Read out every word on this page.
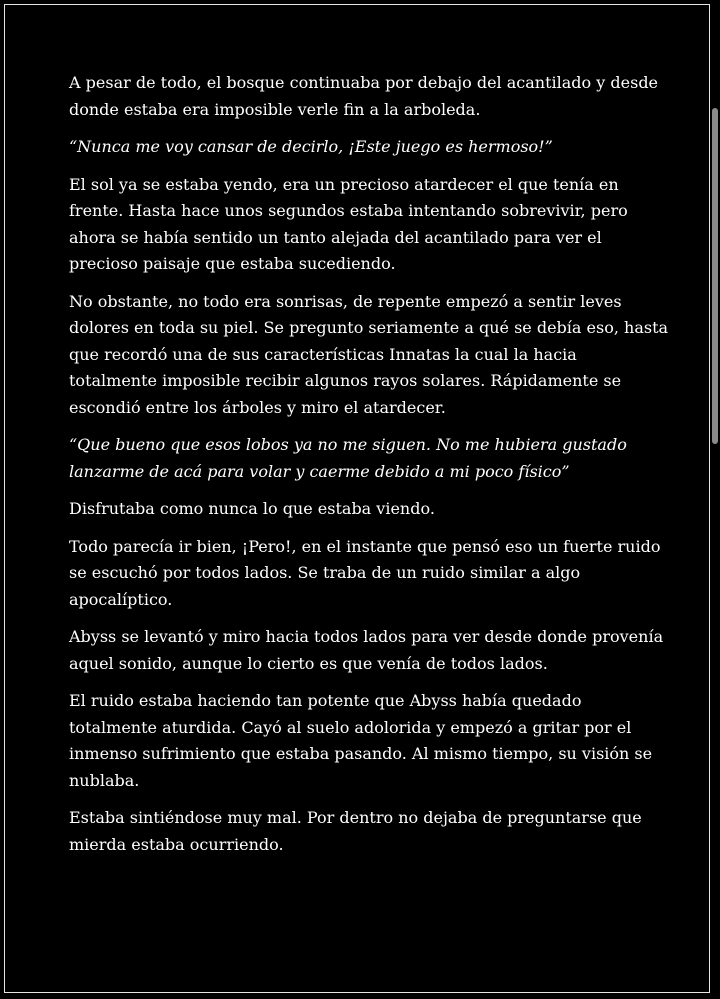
A pesar de todo, el bosque continuaba por debajo del acantilado y desde donde estaba era imposible verle fin a la arboleda.

“Nunca me voy cansar de decirlo, ¡Este juego es hermoso!”

El sol ya se estaba yendo, era un precioso atardecer el que tenía en frente. Hasta hace unos segundos estaba intentando sobrevivir, pero ahora se había sentido un tanto alejada del acantilado para ver el precioso paisaje que estaba sucediendo.

No obstante, no todo era sonrisas, de repente empezó a sentir leves dolores en toda su piel. Se pregunto seriamente a qué se debía eso, hasta que recordó una de sus características Innatas la cual la hacia totalmente imposible recibir algunos rayos solares. Rápidamente se escondió entre los árboles y miro el atardecer.

“Que bueno que esos lobos ya no me siguen. No me hubiera gustado lanzarme de acá para volar y caerme debido a mi poco físico”

Disfrutaba como nunca lo que estaba viendo.

Todo parecía ir bien, ¡Pero!, en el instante que pensó eso un fuerte ruido se escuchó por todos lados. Se traba de un ruido similar a algo apocalíptico.

Abyss se levantó y miro hacia todos lados para ver desde donde provenía aquel sonido, aunque lo cierto es que venía de todos lados.

El ruido estaba haciendo tan potente que Abyss había quedado totalmente aturdida. Cayó al suelo adolorida y empezó a gritar por el inmenso sufrimiento que estaba pasando. Al mismo tiempo, su visión se nublaba.

Estaba sintiéndose muy mal. Por dentro no dejaba de preguntarse que mierda estaba ocurriendo.
